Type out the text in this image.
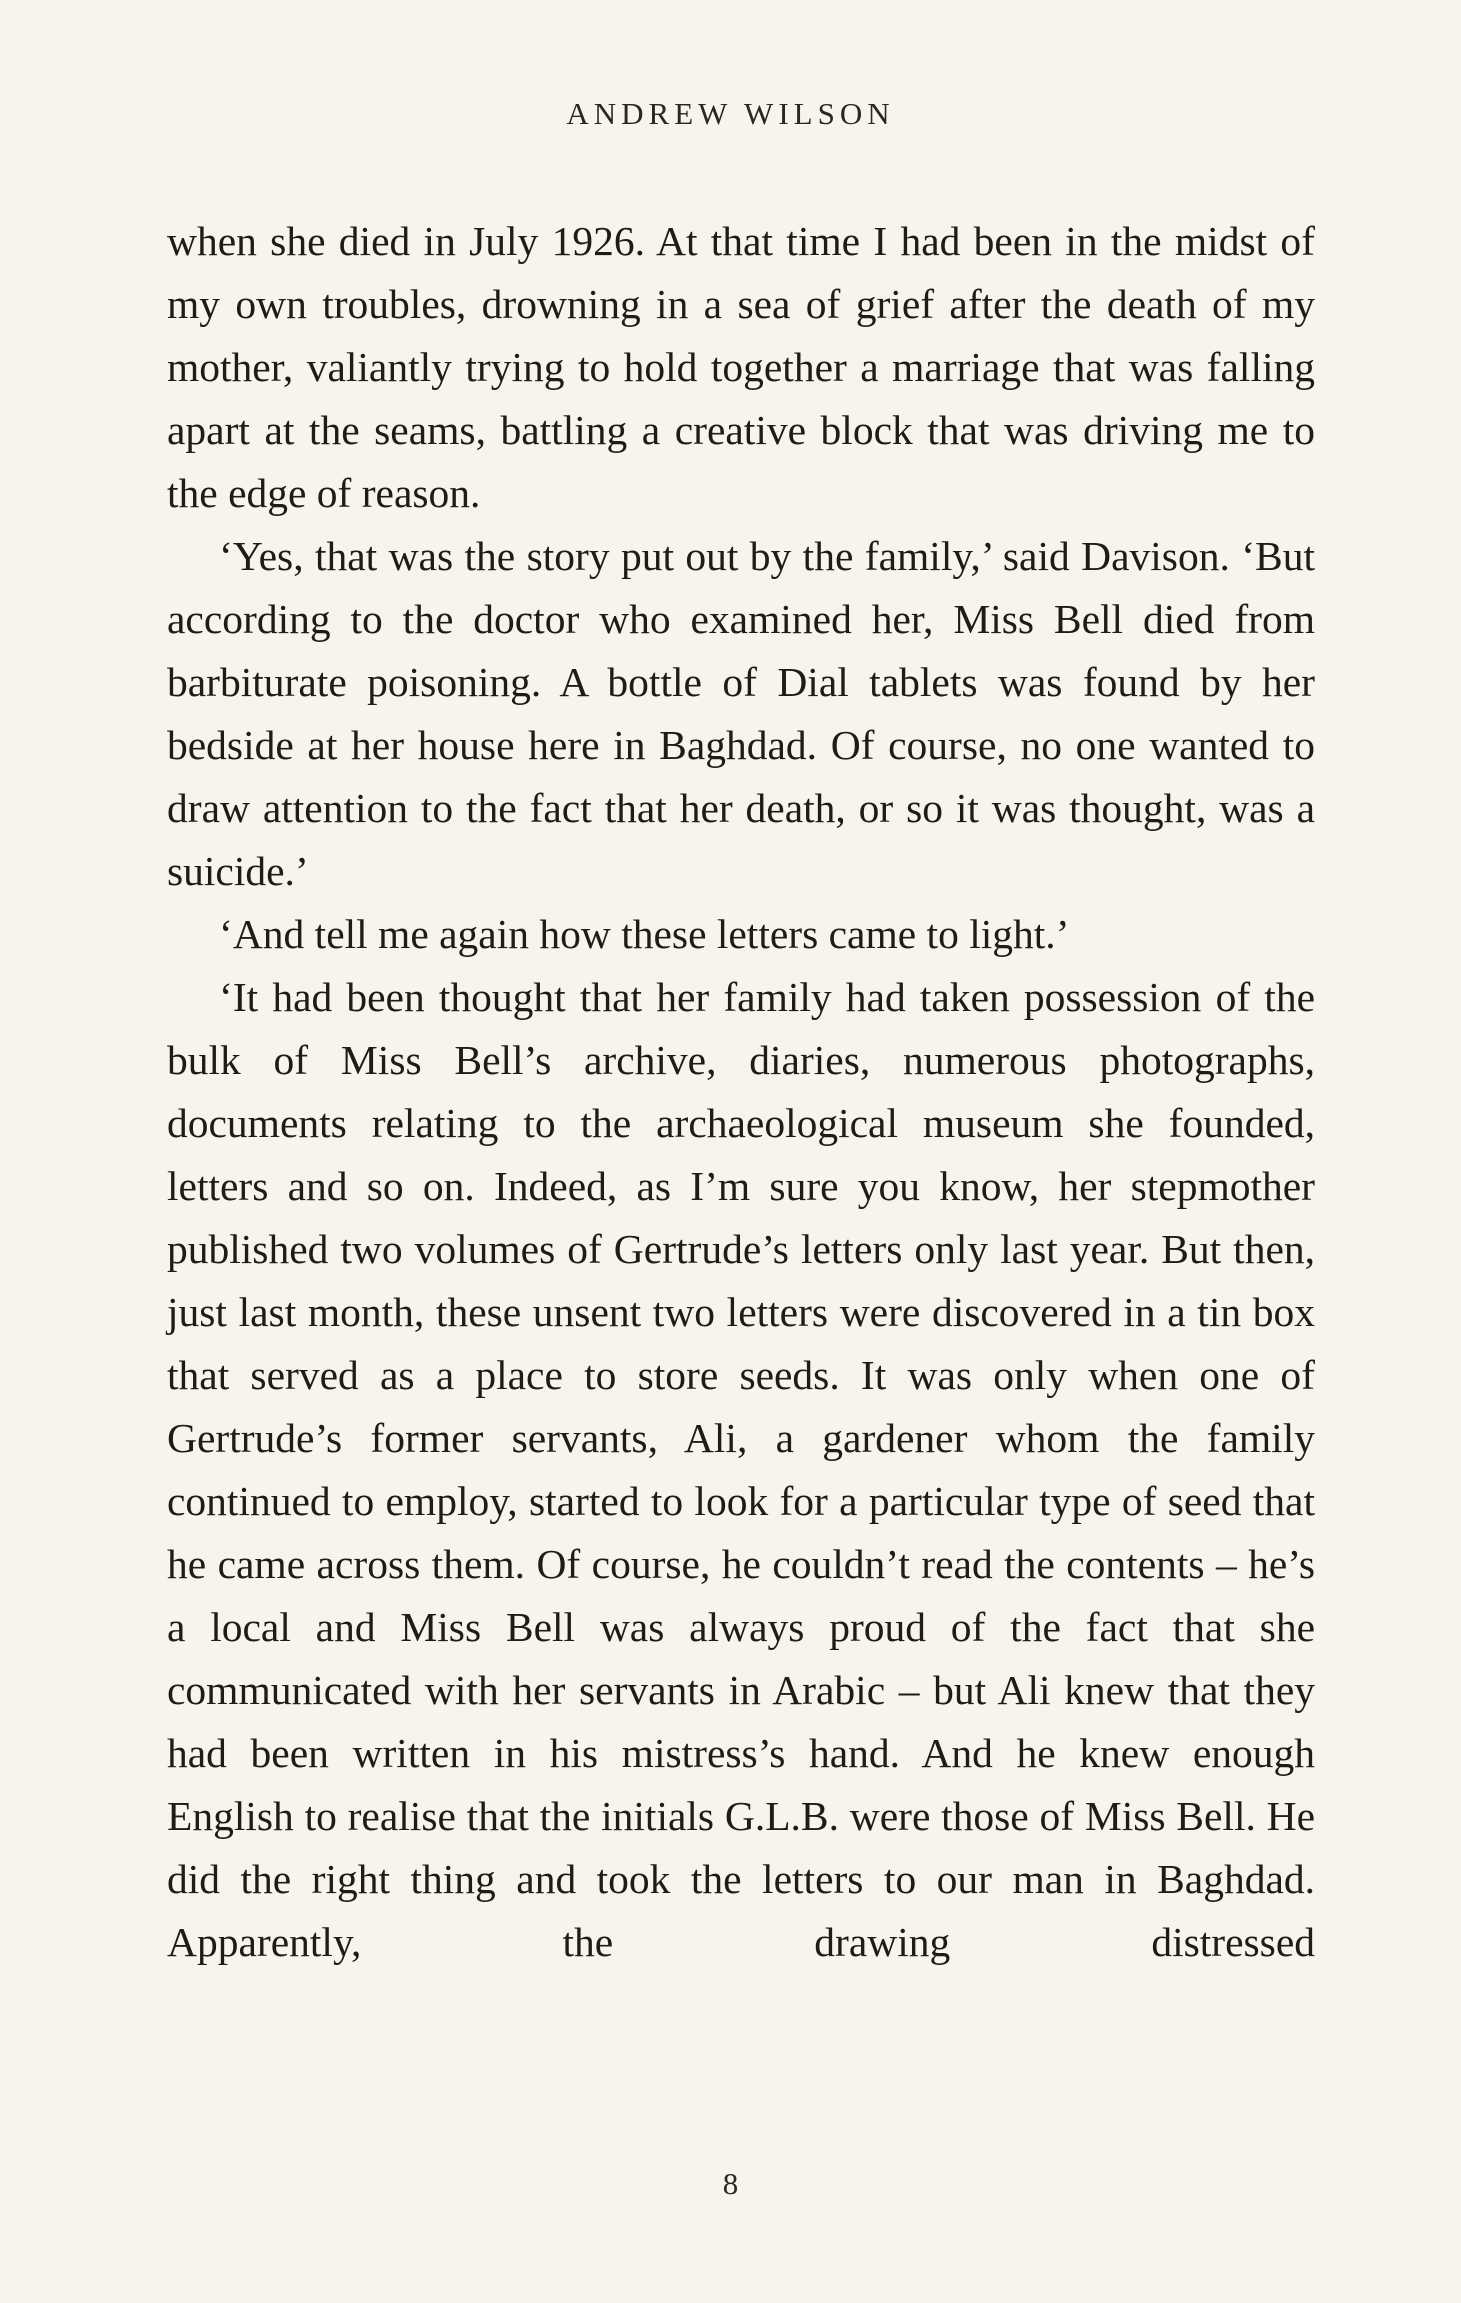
ANDREW WILSON

when she died in July 1926. At that time I had been in the midst of my own troubles, drowning in a sea of grief after the death of my mother, valiantly trying to hold together a marriage that was falling apart at the seams, battling a creative block that was driving me to the edge of reason.

‘Yes, that was the story put out by the family,’ said Davison. ‘But according to the doctor who examined her, Miss Bell died from barbiturate poisoning. A bottle of Dial tablets was found by her bedside at her house here in Baghdad. Of course, no one wanted to draw attention to the fact that her death, or so it was thought, was a suicide.’

‘And tell me again how these letters came to light.’

‘It had been thought that her family had taken possession of the bulk of Miss Bell’s archive, diaries, numerous photographs, documents relating to the archaeological museum she founded, letters and so on. Indeed, as I’m sure you know, her stepmother published two volumes of Gertrude’s letters only last year. But then, just last month, these unsent two letters were discovered in a tin box that served as a place to store seeds. It was only when one of Gertrude’s former servants, Ali, a gardener whom the family continued to employ, started to look for a particular type of seed that he came across them. Of course, he couldn’t read the contents – he’s a local and Miss Bell was always proud of the fact that she communicated with her servants in Arabic – but Ali knew that they had been written in his mistress’s hand. And he knew enough English to realise that the initials G.L.B. were those of Miss Bell. He did the right thing and took the letters to our man in Baghdad. Apparently, the drawing distressed

8
